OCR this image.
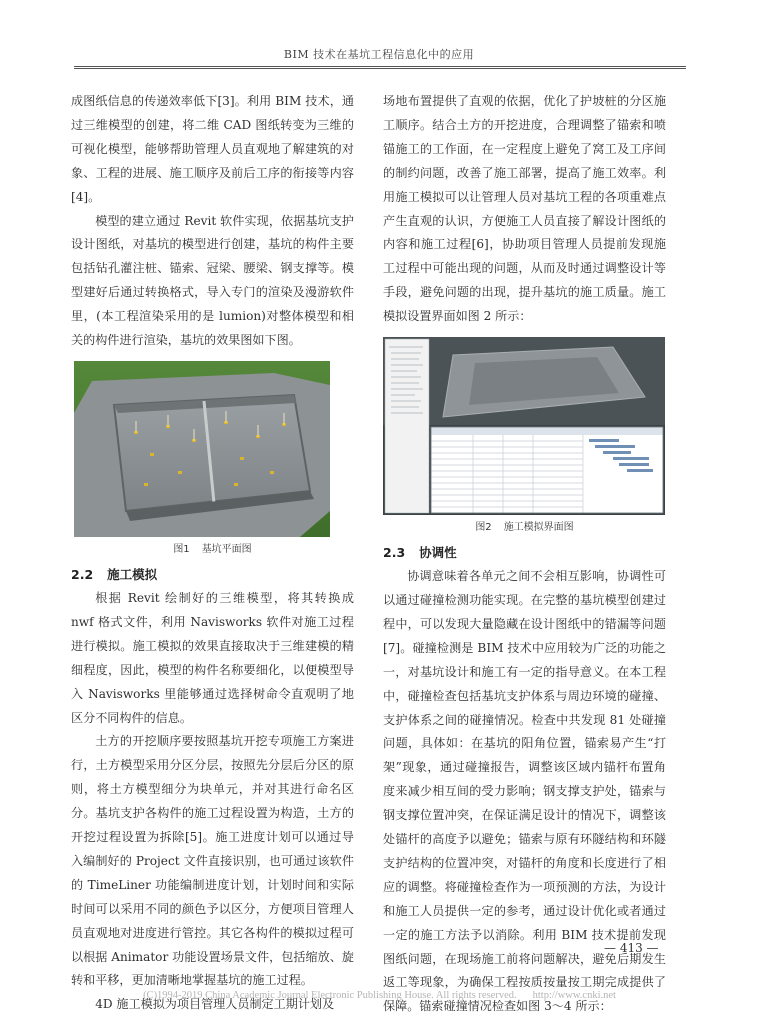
BIM 技术在基坑工程信息化中的应用

成图纸信息的传递效率低下[3]。利用 BIM 技术，通过三维模型的创建，将二维 CAD 图纸转变为三维的可视化模型，能够帮助管理人员直观地了解建筑的对象、工程的进展、施工顺序及前后工序的衔接等内容[4]。

模型的建立通过 Revit 软件实现，依据基坑支护设计图纸，对基坑的模型进行创建，基坑的构件主要包括钻孔灌注桩、锚索、冠梁、腰梁、钢支撑等。模型建好后通过转换格式，导入专门的渲染及漫游软件里，(本工程渲染采用的是 lumion)对整体模型和相关的构件进行渲染，基坑的效果图如下图。

图1 基坑平面图
2.2 施工模拟

根据 Revit 绘制好的三维模型，将其转换成 nwf 格式文件，利用 Navisworks 软件对施工过程进行模拟。施工模拟的效果直接取决于三维建模的精细程度，因此，模型的构件名称要细化，以便模型导入 Navisworks 里能够通过选择树命令直观明了地区分不同构件的信息。

土方的开挖顺序要按照基坑开挖专项施工方案进行，土方模型采用分区分层，按照先分层后分区的原则，将土方模型细分为块单元，并对其进行命名区分。基坑支护各构件的施工过程设置为构造，土方的开挖过程设置为拆除[5]。施工进度计划可以通过导入编制好的 Project 文件直接识别，也可通过该软件的 TimeLiner 功能编制进度计划，计划时间和实际时间可以采用不同的颜色予以区分，方便项目管理人员直观地对进度进行管控。其它各构件的模拟过程可以根据 Animator 功能设置场景文件，包括缩放、旋转和平移，更加清晰地掌握基坑的施工过程。

4D 施工模拟为项目管理人员制定工期计划及

场地布置提供了直观的依据，优化了护坡桩的分区施工顺序。结合土方的开挖进度，合理调整了锚索和喷锚施工的工作面，在一定程度上避免了窝工及工序间的制约问题，改善了施工部署，提高了施工效率。利用施工模拟可以让管理人员对基坑工程的各项重难点产生直观的认识，方便施工人员直接了解设计图纸的内容和施工过程[6]，协助项目管理人员提前发现施工过程中可能出现的问题，从而及时通过调整设计等手段，避免问题的出现，提升基坑的施工质量。施工模拟设置界面如图 2 所示：

图2 施工模拟界面图
2.3 协调性

协调意味着各单元之间不会相互影响，协调性可以通过碰撞检测功能实现。在完整的基坑模型创建过程中，可以发现大量隐藏在设计图纸中的错漏等问题[7]。碰撞检测是 BIM 技术中应用较为广泛的功能之一，对基坑设计和施工有一定的指导意义。在本工程中，碰撞检查包括基坑支护体系与周边环境的碰撞、支护体系之间的碰撞情况。检查中共发现 81 处碰撞问题，具体如：在基坑的阳角位置，锚索易产生“打架”现象，通过碰撞报告，调整该区域内锚杆布置角度来减少相互间的受力影响；钢支撑支护处，锚索与钢支撑位置冲突，在保证满足设计的情况下，调整该处锚杆的高度予以避免；锚索与原有环隧结构和环隧支护结构的位置冲突，对锚杆的角度和长度进行了相应的调整。将碰撞检查作为一项预测的方法，为设计和施工人员提供一定的参考，通过设计优化或者通过一定的施工方法予以消除。利用 BIM 技术提前发现图纸问题，在现场施工前将问题解决，避免后期发生返工等现象，为确保工程按质按量按工期完成提供了保障。锚索碰撞情况检查如图 3～4 所示：

— 413 —
(C)1994-2019 China Academic Journal Electronic Publishing House. All rights reserved. http://www.cnki.net
